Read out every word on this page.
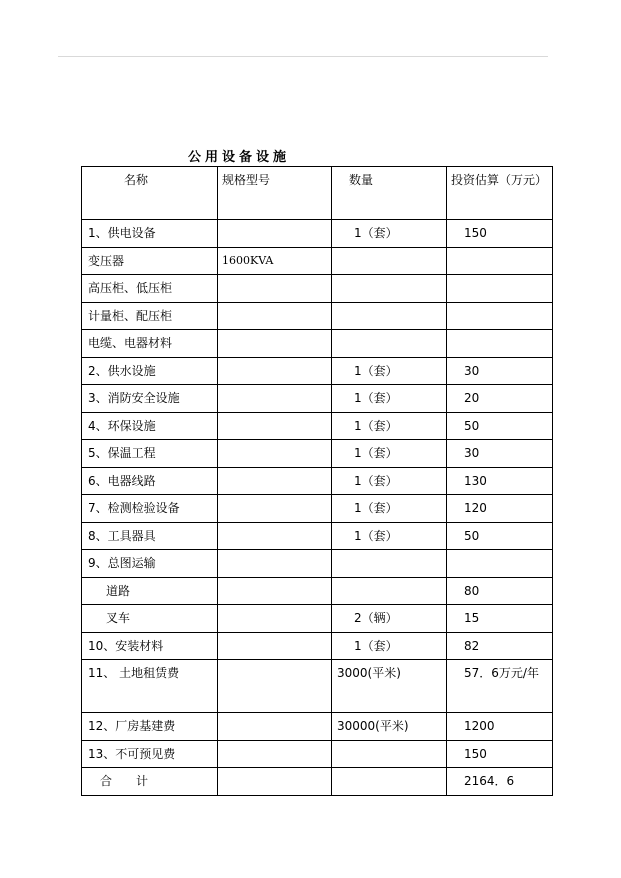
公用设备设施
名称	规格型号	数量	投资估算（万元）
1、供电设备		1（套）	150
变压器	1600KVA		
高压柜、低压柜			
计量柜、配压柜			
电缆、电器材料			
2、供水设施		1（套）	30
3、消防安全设施		1（套）	20
4、环保设施		1（套）	50
5、保温工程		1（套）	30
6、电器线路		1（套）	130
7、检测检验设备		1（套）	120
8、工具器具		1（套）	50
9、总图运输			
道路			80
叉车		2（辆）	15
10、安装材料		1（套）	82
11、 土地租赁费		3000(平米)	57．6万元/年
12、厂房基建费		30000(平米)	1200
13、不可预见费			150
合　　计			2164．6
